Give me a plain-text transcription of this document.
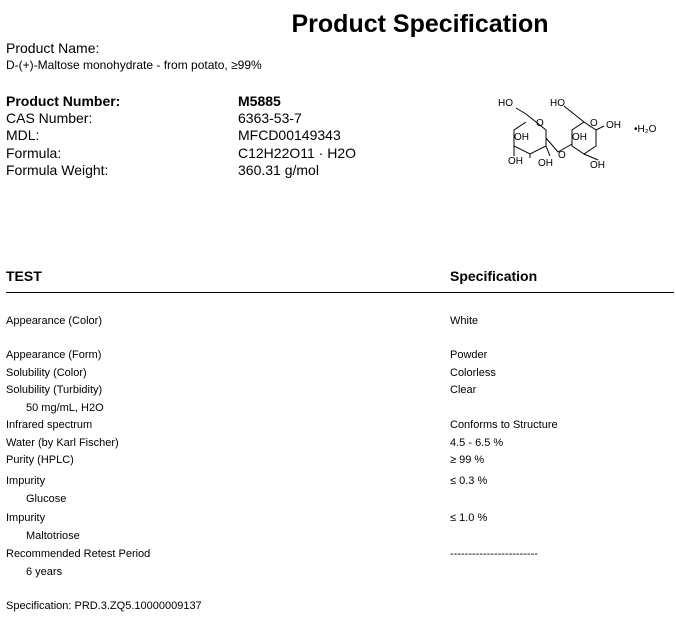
Product Specification
Product Name:
D-(+)-Maltose monohydrate - from potato, ≥99%
Product Number:	M5885
CAS Number:	6363-53-7
MDL:	MFCD00149343
Formula:	C12H22O11 · H2O
Formula Weight:	360.31 g/mol
HO	HO
OH	OH
OH
OH OH	OH
O
O
O
•H₂O
TEST	Specification
Appearance (Color)	White
Appearance (Form)	Powder
Solubility (Color)	Colorless
Solubility (Turbidity)	Clear
50 mg/mL, H2O
Infrared spectrum	Conforms to Structure
Water (by Karl Fischer)	4.5 - 6.5 %
Purity (HPLC)	≥ 99 %
Impurity	≤ 0.3 %
Glucose
Impurity	≤ 1.0 %
Maltotriose
Recommended Retest Period	------------------------
6 years
Specification: PRD.3.ZQ5.10000009137
